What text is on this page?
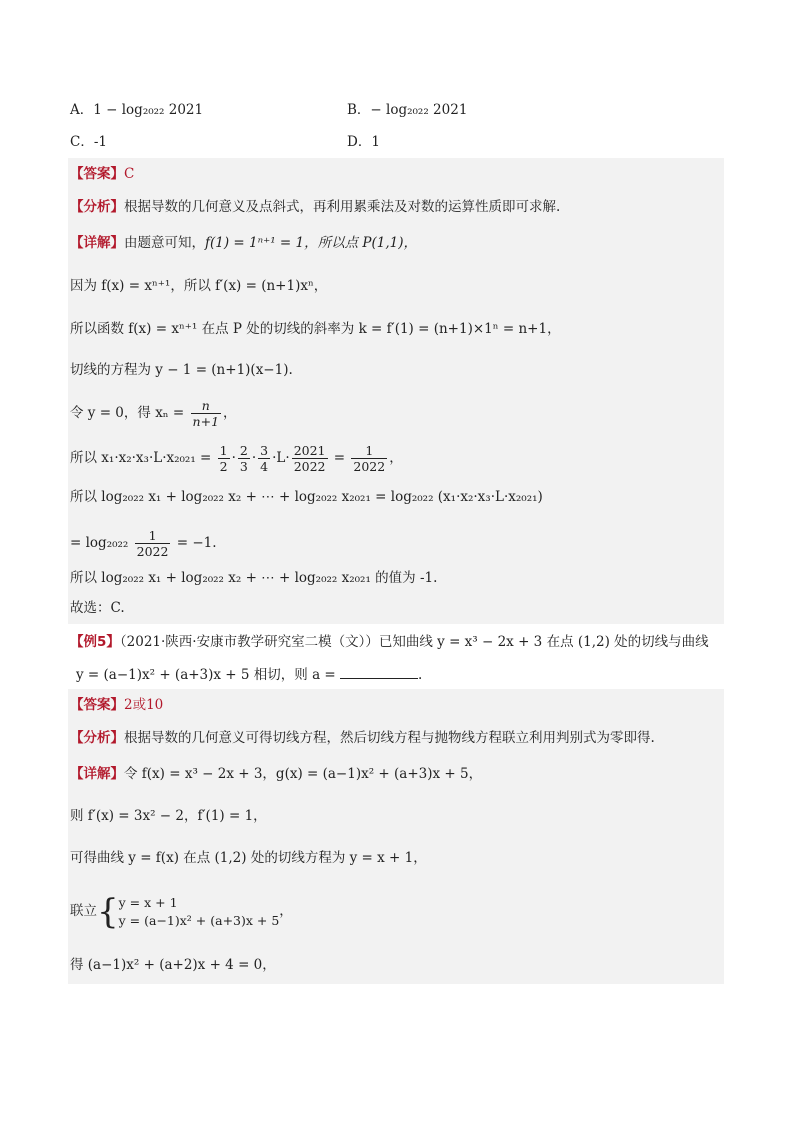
A．1 − log₂₀₂₂ 2021	B．− log₂₀₂₂ 2021
C．-1	D．1
【答案】C
【分析】根据导数的几何意义及点斜式，再利用累乘法及对数的运算性质即可求解.
【详解】由题意可知，f(1) = 1ⁿ⁺¹ = 1，所以点 P(1,1)，
因为 f(x) = xⁿ⁺¹，所以 f′(x) = (n+1)xⁿ，
所以函数 f(x) = xⁿ⁺¹ 在点 P 处的切线的斜率为 k = f′(1) = (n+1)×1ⁿ = n+1，
切线的方程为 y − 1 = (n+1)(x−1).
令 y = 0，得 $x_n = \frac{n}{n+1}$ ，
所以 $x_1\cdot x_2\cdot x_3\cdot L\cdot x_{2021} = \frac{1}{2} \cdot \frac{2}{3} \cdot \frac{3}{4} \cdot L\cdot \frac{2021}{2022} = \frac{1}{2022}$ ，
所以 log₂₀₂₂ x₁ + log₂₀₂₂ x₂ + ⋯ + log₂₀₂₂ x₂₀₂₁ = log₂₀₂₂ (x₁·x₂·x₃·L·x₂₀₂₁)
= $\log_{2022} \frac{1}{2022} = -1$.
所以 log₂₀₂₂ x₁ + log₂₀₂₂ x₂ + ⋯ + log₂₀₂₂ x₂₀₂₁ 的值为 -1.
故选：C.
【例5】（2021·陕西·安康市教学研究室二模（文））已知曲线 y = x³ − 2x + 3 在点 (1,2) 处的切线与曲线
y = (a−1)x² + (a+3)x + 5 相切，则 a =	.
【答案】2或10
【分析】根据导数的几何意义可得切线方程，然后切线方程与抛物线方程联立利用判别式为零即得.
【详解】令 f(x) = x³ − 2x + 3，g(x) = (a−1)x² + (a+3)x + 5，
则 f′(x) = 3x² − 2，f′(1) = 1，
可得曲线 y = f(x) 在点 (1,2) 处的切线方程为 y = x + 1，
联立{ y = x + 1
y = (a−1)x² + (a+3)x + 5
，
得 (a−1)x² + (a+2)x + 4 = 0，
